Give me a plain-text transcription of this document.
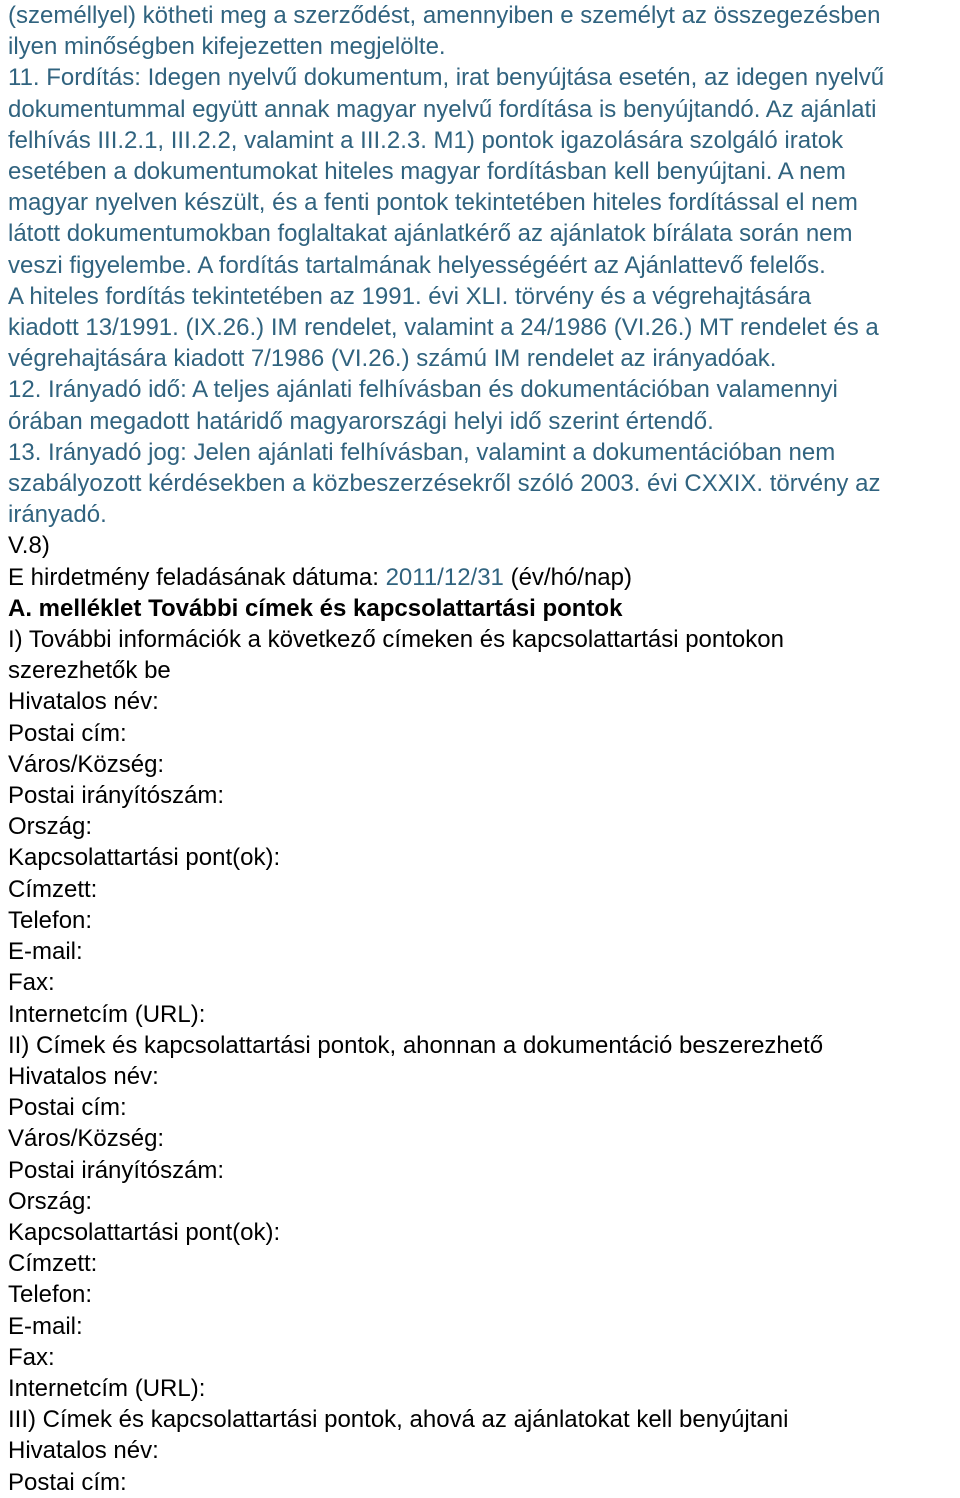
(személlyel) kötheti meg a szerződést, amennyiben e személyt az összegezésben
ilyen minőségben kifejezetten megjelölte.
11. Fordítás: Idegen nyelvű dokumentum, irat benyújtása esetén, az idegen nyelvű
dokumentummal együtt annak magyar nyelvű fordítása is benyújtandó. Az ajánlati
felhívás III.2.1, III.2.2, valamint a III.2.3. M1) pontok igazolására szolgáló iratok
esetében a dokumentumokat hiteles magyar fordításban kell benyújtani. A nem
magyar nyelven készült, és a fenti pontok tekintetében hiteles fordítással el nem
látott dokumentumokban foglaltakat ajánlatkérő az ajánlatok bírálata során nem
veszi figyelembe. A fordítás tartalmának helyességéért az Ajánlattevő felelős.
A hiteles fordítás tekintetében az 1991. évi XLI. törvény és a végrehajtására
kiadott 13/1991. (IX.26.) IM rendelet, valamint a 24/1986 (VI.26.) MT rendelet és a
végrehajtására kiadott 7/1986 (VI.26.) számú IM rendelet az irányadóak.
12. Irányadó idő: A teljes ajánlati felhívásban és dokumentációban valamennyi
órában megadott határidő magyarországi helyi idő szerint értendő.
13. Irányadó jog: Jelen ajánlati felhívásban, valamint a dokumentációban nem
szabályozott kérdésekben a közbeszerzésekről szóló 2003. évi CXXIX. törvény az
irányadó.
V.8)
E hirdetmény feladásának dátuma: 2011/12/31 (év/hó/nap)
A. melléklet További címek és kapcsolattartási pontok
I) További információk a következő címeken és kapcsolattartási pontokon
szerezhetők be
Hivatalos név:
Postai cím:
Város/Község:
Postai irányítószám:
Ország:
Kapcsolattartási pont(ok):
Címzett:
Telefon:
E-mail:
Fax:
Internetcím (URL):
II) Címek és kapcsolattartási pontok, ahonnan a dokumentáció beszerezhető
Hivatalos név:
Postai cím:
Város/Község:
Postai irányítószám:
Ország:
Kapcsolattartási pont(ok):
Címzett:
Telefon:
E-mail:
Fax:
Internetcím (URL):
III) Címek és kapcsolattartási pontok, ahová az ajánlatokat kell benyújtani
Hivatalos név:
Postai cím:
